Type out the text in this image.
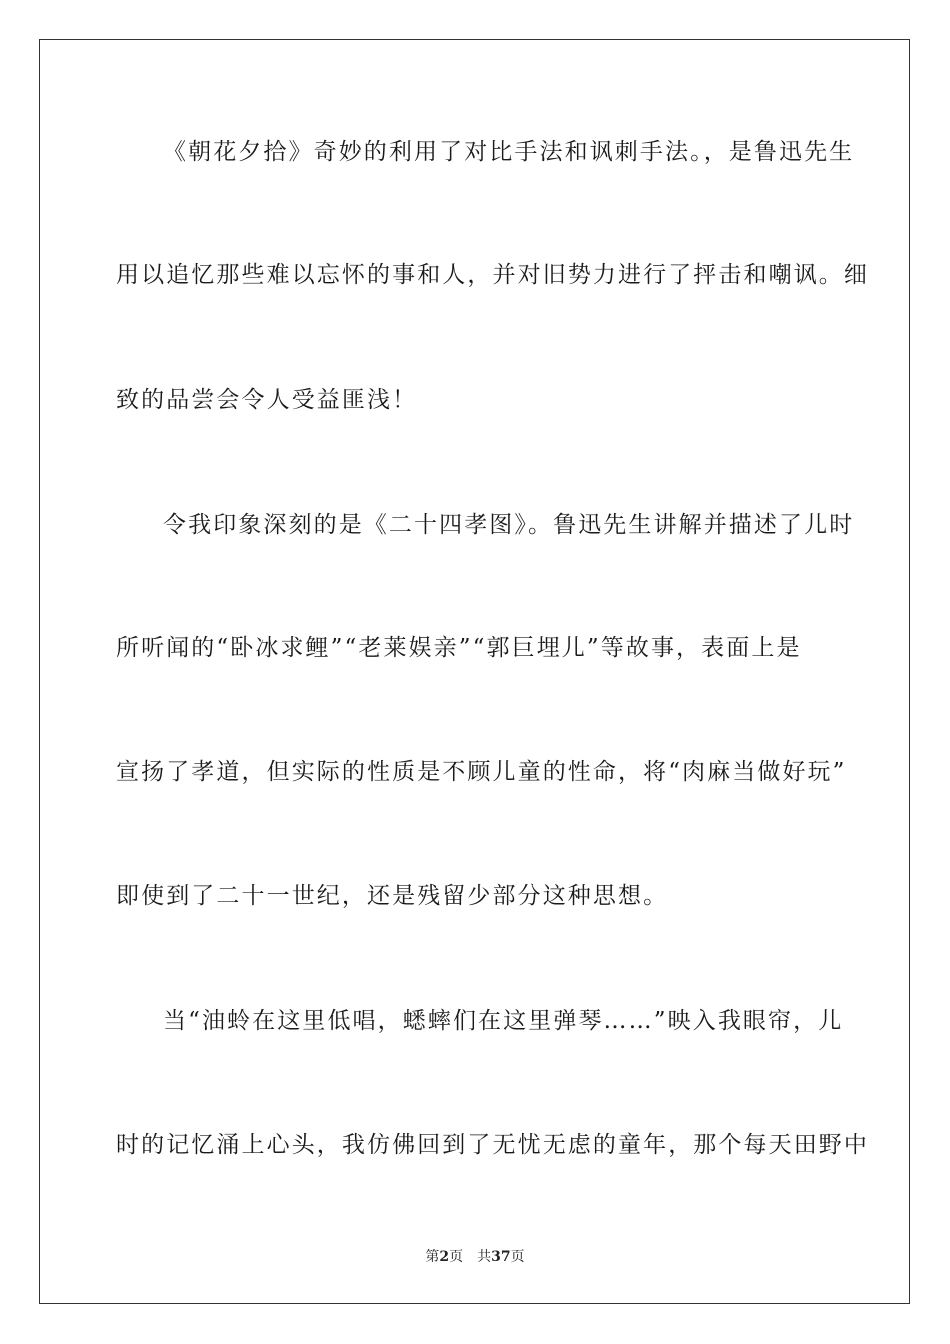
《朝花夕拾》奇妙的利用了对比手法和讽刺手法。，是鲁迅先生
用以追忆那些难以忘怀的事和人，并对旧势力进行了抨击和嘲讽。细
致的品尝会令人受益匪浅！
令我印象深刻的是《二十四孝图》。鲁迅先生讲解并描述了儿时
所听闻的“卧冰求鲤”“老莱娱亲”“郭巨埋儿”等故事，表面上是
宣扬了孝道，但实际的性质是不顾儿童的性命，将“肉麻当做好玩”
即使到了二十一世纪，还是残留少部分这种思想。
当“油蛉在这里低唱，蟋蟀们在这里弹琴……”映入我眼帘，儿
时的记忆涌上心头，我仿佛回到了无忧无虑的童年，那个每天田野中
第2页 共37页
